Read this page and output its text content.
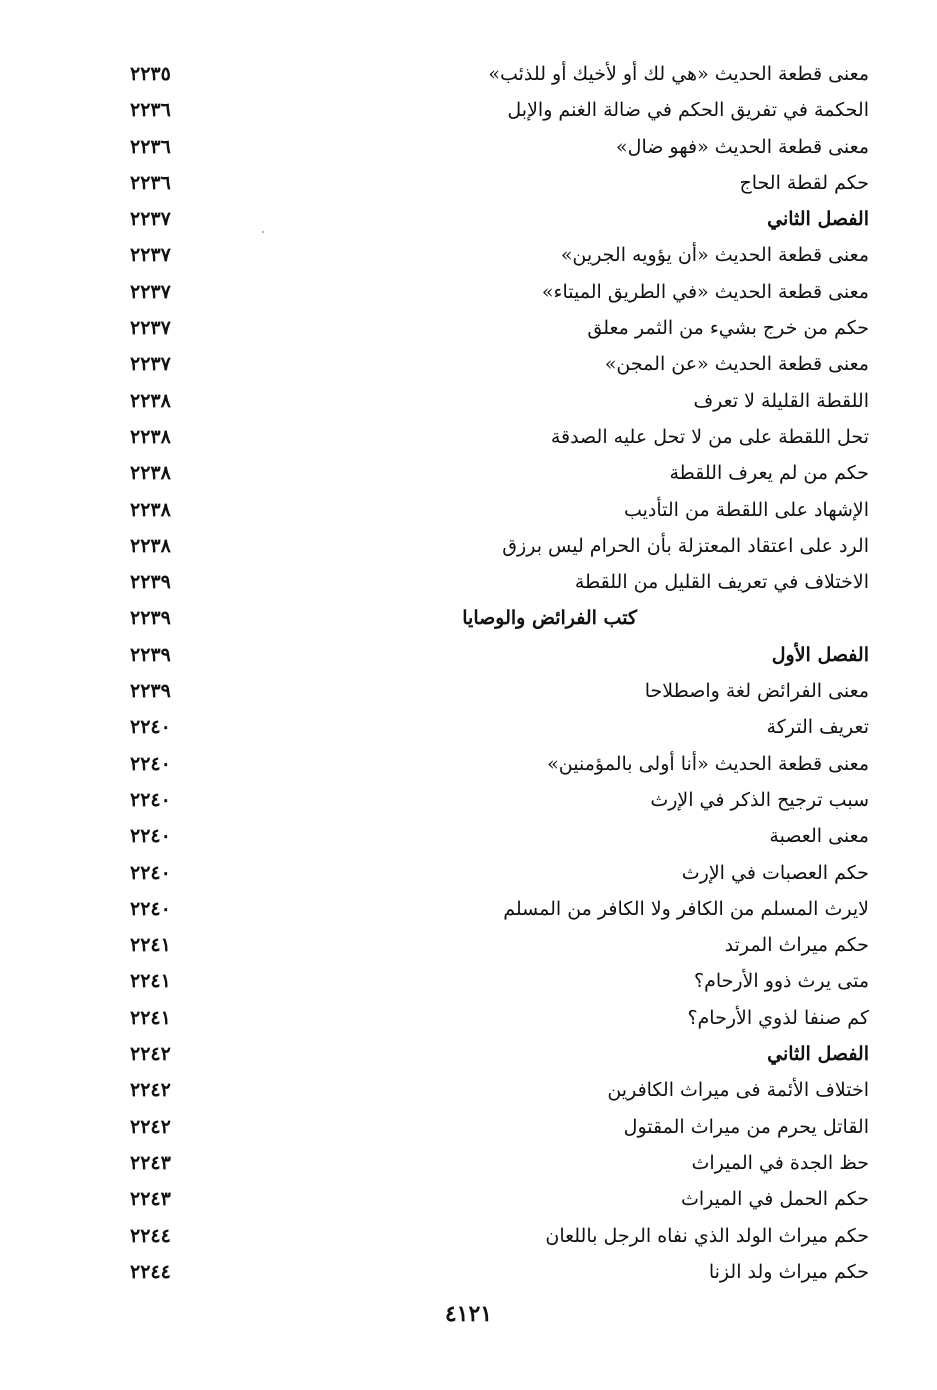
معنى قطعة الحديث «هي لك أو لأخيك أو للذئب»
٢٢٣٥
الحكمة في تفريق الحكم في ضالة الغنم والإبل
٢٢٣٦
معنى قطعة الحديث «فهو ضال»
٢٢٣٦
حكم لقطة الحاج
٢٢٣٦
الفصل الثاني
٢٢٣٧
معنى قطعة الحديث «أن يؤويه الجرين»
٢٢٣٧
معنى قطعة الحديث «في الطريق الميتاء»
٢٢٣٧
حكم من خرج بشيء من الثمر معلق
٢٢٣٧
معنى قطعة الحديث «عن المجن»
٢٢٣٧
اللقطة القليلة لا تعرف
٢٢٣٨
تحل اللقطة على من لا تحل عليه الصدقة
٢٢٣٨
حكم من لم يعرف اللقطة
٢٢٣٨
الإشهاد على اللقطة من التأديب
٢٢٣٨
الرد على اعتقاد المعتزلة بأن الحرام ليس برزق
٢٢٣٨
الاختلاف في تعريف القليل من اللقطة
٢٢٣٩
كتب الفرائض والوصايا
٢٢٣٩
الفصل الأول
٢٢٣٩
معنى الفرائض لغة واصطلاحا
٢٢٣٩
تعريف التركة
٢٢٤٠
معنى قطعة الحديث «أنا أولى بالمؤمنين»
٢٢٤٠
سبب ترجيح الذكر في الإرث
٢٢٤٠
معنى العصبة
٢٢٤٠
حكم العصبات في الإرث
٢٢٤٠
لايرث المسلم من الكافر ولا الكافر من المسلم
٢٢٤٠
حكم ميراث المرتد
٢٢٤١
متى يرث ذوو الأرحام؟
٢٢٤١
كم صنفا لذوي الأرحام؟
٢٢٤١
الفصل الثاني
٢٢٤٢
اختلاف الأئمة فى ميراث الكافرين
٢٢٤٢
القاتل يحرم من ميراث المقتول
٢٢٤٢
حظ الجدة في الميراث
٢٢٤٣
حكم الحمل في الميراث
٢٢٤٣
حكم ميراث الولد الذي نفاه الرجل باللعان
٢٢٤٤
حكم ميراث ولد الزنا
٢٢٤٤
٤١٢١
